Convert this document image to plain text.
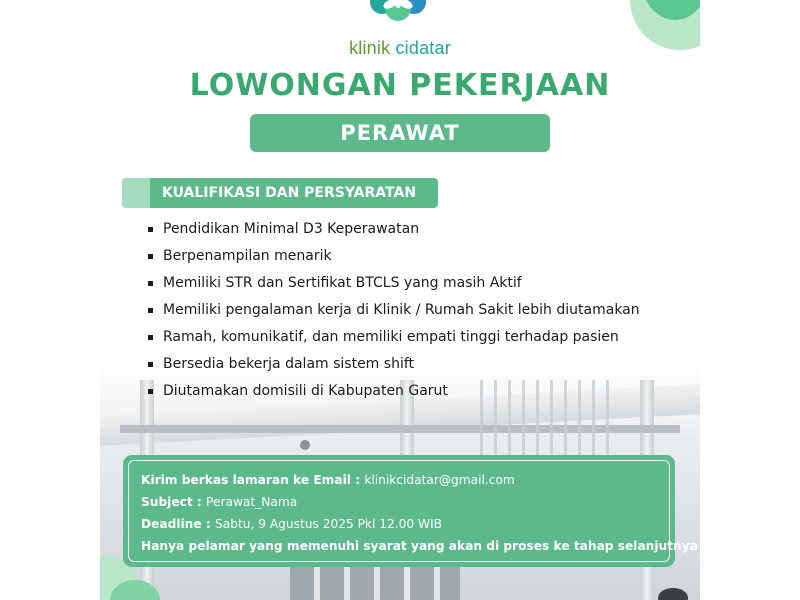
klinik cidatar
LOWONGAN PEKERJAAN
PERAWAT
KUALIFIKASI DAN PERSYARATAN
Pendidikan Minimal D3 Keperawatan
Berpenampilan menarik
Memiliki STR dan Sertifikat BTCLS yang masih Aktif
Memiliki pengalaman kerja di Klinik / Rumah Sakit lebih diutamakan
Ramah, komunikatif, dan memiliki empati tinggi terhadap pasien
Bersedia bekerja dalam sistem shift
Diutamakan domisili di Kabupaten Garut
Kirim berkas lamaran ke Email : klinikcidatar@gmail.com
Subject : Perawat_Nama
Deadline : Sabtu, 9 Agustus 2025 Pkl 12.00 WIB
Hanya pelamar yang memenuhi syarat yang akan di proses ke tahap selanjutnya
